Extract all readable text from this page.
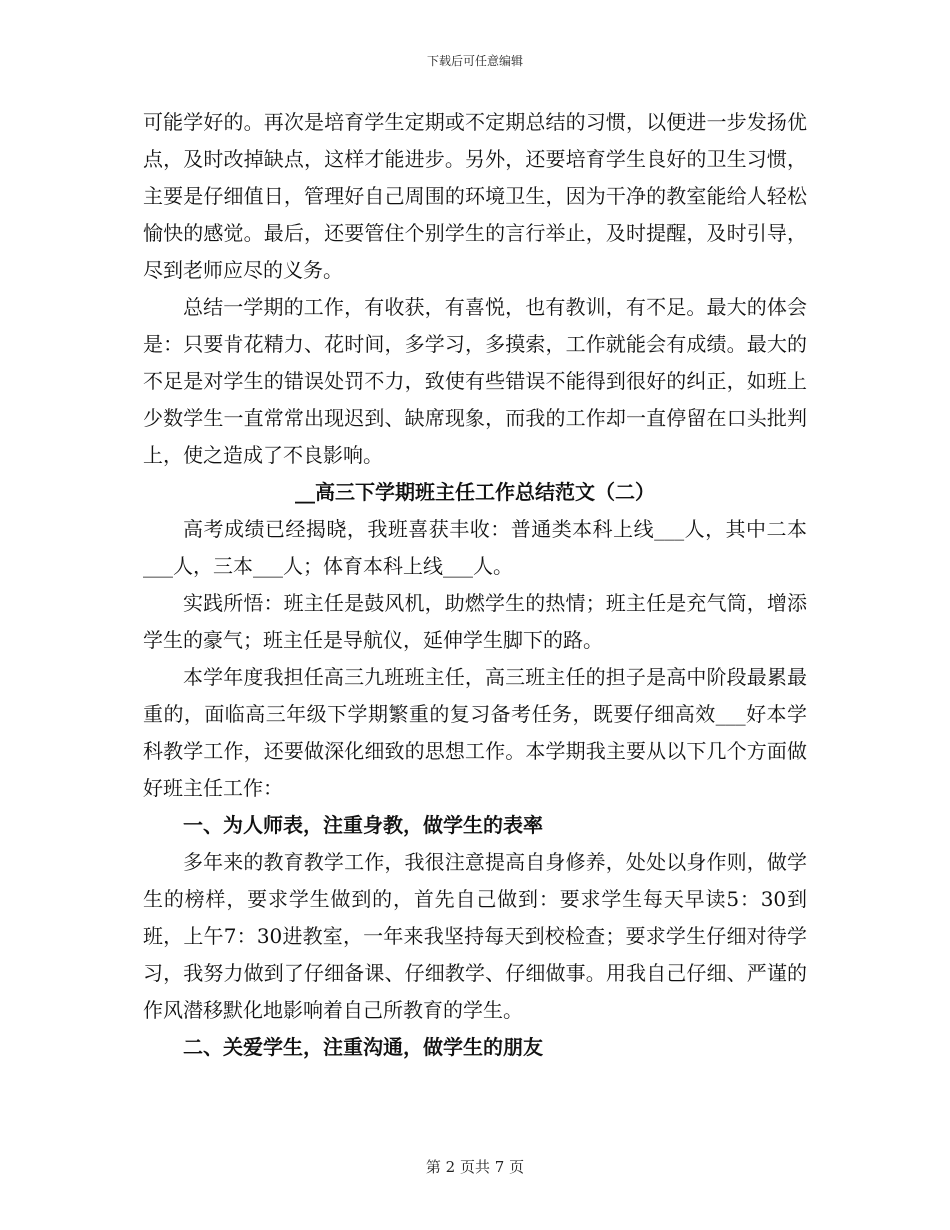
下载后可任意编辑

可能学好的。再次是培育学生定期或不定期总结的习惯，以便进一步发扬优点，及时改掉缺点，这样才能进步。另外，还要培育学生良好的卫生习惯，主要是仔细值日，管理好自己周围的环境卫生，因为干净的教室能给人轻松愉快的感觉。最后，还要管住个别学生的言行举止，及时提醒，及时引导，尽到老师应尽的义务。

总结一学期的工作，有收获，有喜悦，也有教训，有不足。最大的体会是：只要肯花精力、花时间，多学习，多摸索，工作就能会有成绩。最大的不足是对学生的错误处罚不力，致使有些错误不能得到很好的纠正，如班上少数学生一直常常出现迟到、缺席现象，而我的工作却一直停留在口头批判上，使之造成了不良影响。

__高三下学期班主任工作总结范文（二）

高考成绩已经揭晓，我班喜获丰收：普通类本科上线___人，其中二本___人，三本___人；体育本科上线___人。

实践所悟：班主任是鼓风机，助燃学生的热情；班主任是充气筒，增添学生的豪气；班主任是导航仪，延伸学生脚下的路。

本学年度我担任高三九班班主任，高三班主任的担子是高中阶段最累最重的，面临高三年级下学期繁重的复习备考任务，既要仔细高效___好本学科教学工作，还要做深化细致的思想工作。本学期我主要从以下几个方面做好班主任工作：

一、为人师表，注重身教，做学生的表率

多年来的教育教学工作，我很注意提高自身修养，处处以身作则，做学生的榜样，要求学生做到的，首先自己做到：要求学生每天早读5：30到班，上午7：30进教室，一年来我坚持每天到校检查；要求学生仔细对待学习，我努力做到了仔细备课、仔细教学、仔细做事。用我自己仔细、严谨的作风潜移默化地影响着自己所教育的学生。

二、关爱学生，注重沟通，做学生的朋友

第 2 页共 7 页
